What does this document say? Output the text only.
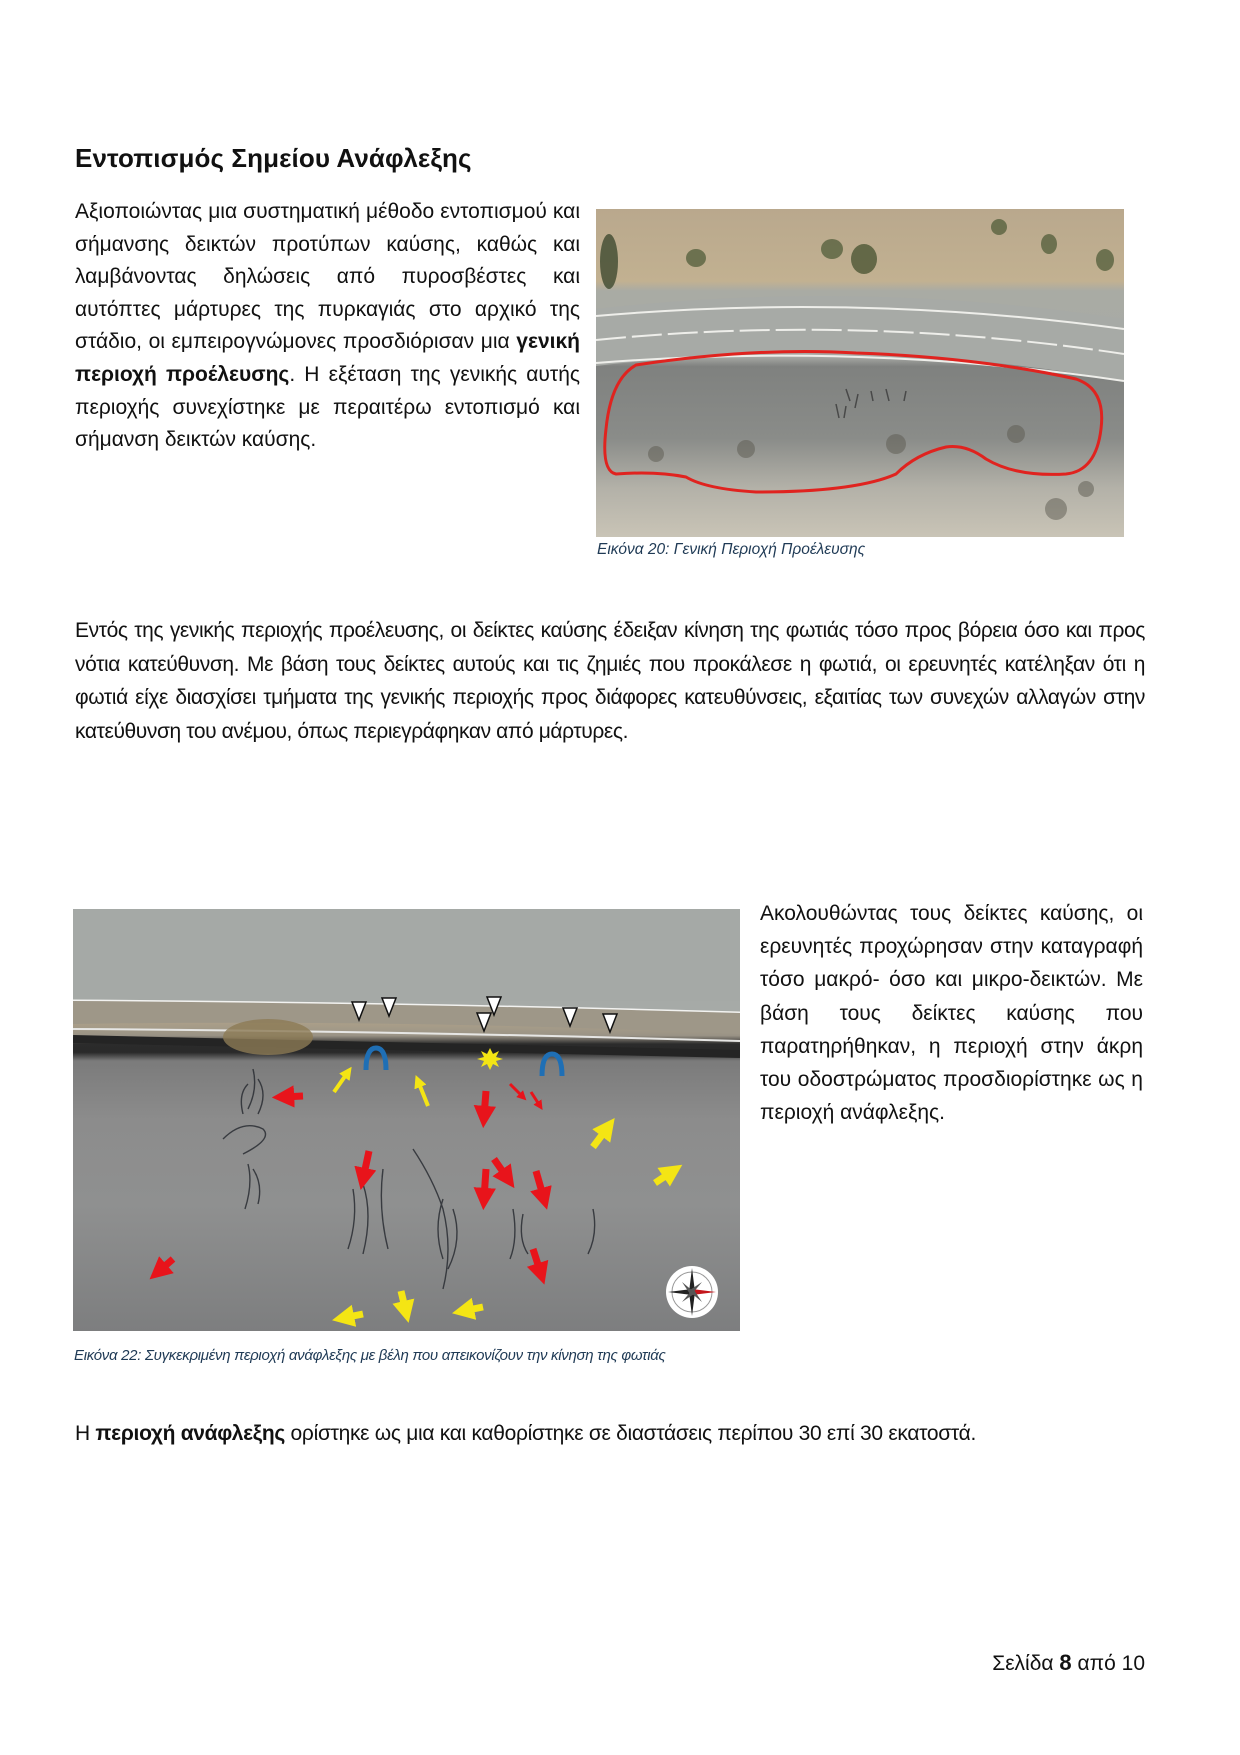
Εντοπισμός Σημείου Ανάφλεξης

Αξιοποιώντας μια συστηματική μέθοδο εντοπισμού και σήμανσης δεικτών προτύπων καύσης, καθώς και λαμβάνοντας δηλώσεις από πυροσβέστες και αυτόπτες μάρτυρες της πυρκαγιάς στο αρχικό της στάδιο, οι εμπειρογνώμονες προσδιόρισαν μια γενική περιοχή προέλευσης. Η εξέταση της γενικής αυτής περιοχής συνεχίστηκε με περαιτέρω εντοπισμό και σήμανση δεικτών καύσης.

Εικόνα 20: Γενική Περιοχή Προέλευσης

Εντός της γενικής περιοχής προέλευσης, οι δείκτες καύσης έδειξαν κίνηση της φωτιάς τόσο προς βόρεια όσο και προς νότια κατεύθυνση. Με βάση τους δείκτες αυτούς και τις ζημιές που προκάλεσε η φωτιά, οι ερευνητές κατέληξαν ότι η φωτιά είχε διασχίσει τμήματα της γενικής περιοχής προς διάφορες κατευθύνσεις, εξαιτίας των συνεχών αλλαγών στην κατεύθυνση του ανέμου, όπως περιεγράφηκαν από μάρτυρες.

Εικόνα 22: Συγκεκριμένη περιοχή ανάφλεξης με βέλη που απεικονίζουν την κίνηση της φωτιάς

Ακολουθώντας τους δείκτες καύσης, οι ερευνητές προχώρησαν στην καταγραφή τόσο μακρό- όσο και μικρο-δεικτών. Με βάση τους δείκτες καύσης που παρατηρήθηκαν, η περιοχή στην άκρη του οδοστρώματος προσδιορίστηκε ως η περιοχή ανάφλεξης.

Η περιοχή ανάφλεξης ορίστηκε ως μια και καθορίστηκε σε διαστάσεις περίπου 30 επί 30 εκατοστά.

Σελίδα 8 από 10
